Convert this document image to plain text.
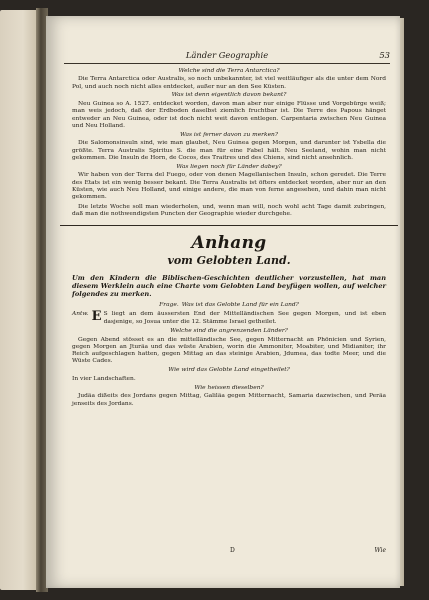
Länder Geographie	53
Welche sind die Terra Antarctica?
Die Terra Antarctica oder Australis, so noch unbekannter, ist viel weitläufiger als die unter dem Nord Pol, und auch noch nicht alles entdecket, außer nur an den See Küsten.
Was ist denn eigentlich davon bekant?
Neu Guinea so A. 1527. entdecket worden, davon man aber nur einige Flüsse und Vorgebürge weiß; man weis jedoch, daß der Erdboden daselbst ziemlich fruchtbar ist. Die Terre des Papous hänget entweder an Neu Guinea, oder ist doch nicht weit davon entlegen. Carpentaria zwischen Neu Guinea und Neu Holland.
Was ist ferner davon zu merken?
Die Salomonsinsuln sind, wie man glaubet, Neu Guinea gegen Morgen, und darunter ist Ysbella die größte. Terra Australis Spiritus S. die man für eine Fabel hält. Neu Seeland, wohin man nicht gekommen. Die Insuln de Horn, de Cocos, des Traitres und des Chiens, sind nicht ansehnlich.
Was liegen noch für Länder dabey?
Wir haben von der Terra del Fuego, oder von denen Magellanischen Insuln, schon geredet. Die Terre des Etats ist ein wenig besser bekant. Die Terra Australis ist öfters entdecket worden, aber nur an den Küsten, wie auch Neu Holland, und einige andere, die man von ferne angesehen, und dahin man nicht gekommen.
Die letzte Woche soll man wiederholen, und, wenn man will, noch wohl acht Tage damit zubringen, daß man die nothwendigsten Puncten der Geographie wieder durchgehe.
Anhang
vom Gelobten Land.
Um den Kindern die Biblischen-Geschichten deutlicher vorzustellen, hat man diesem Werklein auch eine Charte vom Gelobten Land beyfügen wollen, auf welcher folgendes zu merken.
Frage. Was ist das Gelobte Land für ein Land?
Antw. E S liegt an dem äussersten End der Mittelländischen See gegen Morgen, und ist eben dasjenige, so Josua unter die 12. Stämme Israel getheilet.
Welche sind die angrenzenden Länder?
Gegen Abend stösset es an die mittelländische See, gegen Mitternacht an Phönicien und Syrien, gegen Morgen an Jturäa und das wüste Arabien, worin die Ammoniter, Moabiter, und Midianiter, ihr Reich aufgeschlagen hatten, gegen Mittag an das steinige Arabien, Jdumea, das todte Meer, und die Wüste Cades.
Wie wird das Gelobte Land eingetheilet?
In vier Landschaften.
Wie heissen dieselben?
Judäa dißeits des Jordans gegen Mittag, Galiläa gegen Mitternacht, Samaria dazwischen, und Peräa jenseits des Jordans.
D	Wie
